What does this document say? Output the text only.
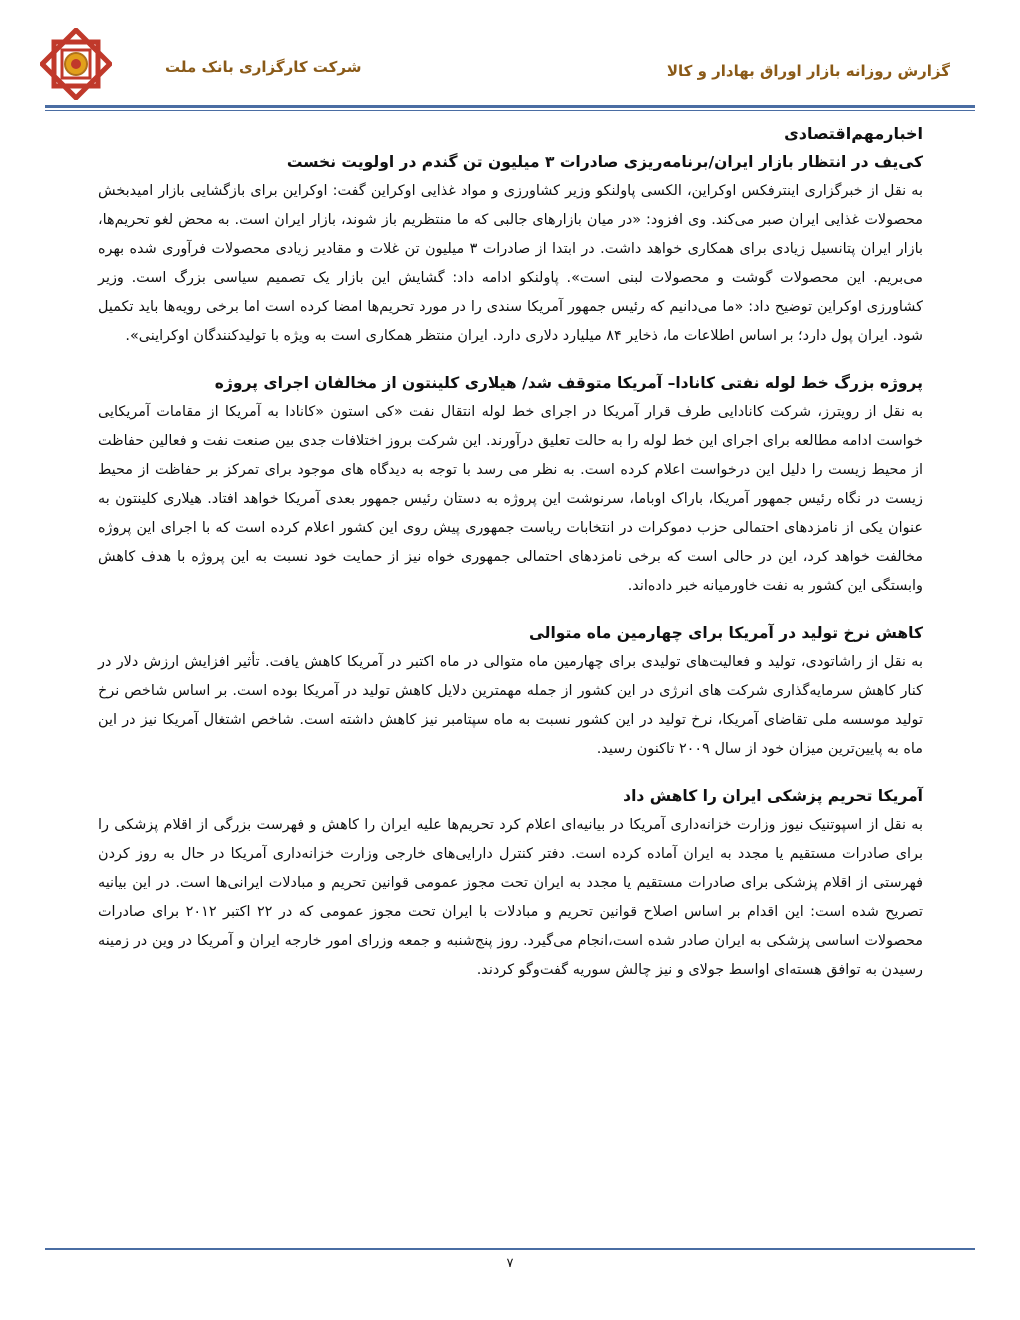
شرکت کارگزاری بانک ملت	گزارش روزانه بازار اوراق بهادار و کالا
اخبارمهم‌اقتصادی
کی‌یف در انتظار بازار ایران/برنامه‌ریزی صادرات ۳ میلیون تن گندم در اولویت نخست

به نقل از خبرگزاری اینترفکس اوکراین، الکسی پاولنکو وزیر کشاورزی و مواد غذایی اوکراین گفت: اوکراین برای بازگشایی بازار امیدبخش محصولات غذایی ایران صبر می‌کند. وی افزود: «در میان بازارهای جالبی که ما منتظریم باز شوند، بازار ایران است. به محض لغو تحریم‌ها، بازار ایران پتانسیل زیادی برای همکاری خواهد داشت. در ابتدا از صادرات ۳ میلیون تن غلات و مقادیر زیادی محصولات فرآوری شده بهره می‌بریم. این محصولات گوشت و محصولات لبنی است». پاولنکو ادامه داد: گشایش این بازار یک تصمیم سیاسی بزرگ است. وزیر کشاورزی اوکراین توضیح داد: «ما می‌دانیم که رئیس جمهور آمریکا سندی را در مورد تحریم‌ها امضا کرده است اما برخی رویه‌ها باید تکمیل شود. ایران پول دارد؛ بر اساس اطلاعات ما، ذخایر ۸۴ میلیارد دلاری دارد. ایران منتظر همکاری است به ویژه با تولیدکنندگان اوکراینی».

پروژه بزرگ خط لوله نفتی کانادا– آمریکا متوقف شد/ هیلاری کلینتون از مخالفان اجرای پروژه

به نقل از رویترز، شرکت کانادایی طرف قرار آمریکا در اجرای خط لوله انتقال نفت «کی استون «کانادا به آمریکا از مقامات آمریکایی خواست ادامه مطالعه برای اجرای این خط لوله را به حالت تعلیق درآورند. این شرکت بروز اختلافات جدی بین صنعت نفت و فعالین حفاظت از محیط زیست را دلیل این درخواست اعلام کرده است. به نظر می رسد با توجه به دیدگاه های موجود برای تمرکز بر حفاظت از محیط زیست در نگاه رئیس جمهور آمریکا، باراک اوباما، سرنوشت این پروژه به دستان رئیس جمهور بعدی آمریکا خواهد افتاد. هیلاری کلینتون به عنوان یکی از نامزدهای احتمالی حزب دموکرات در انتخابات ریاست جمهوری پیش روی این کشور اعلام کرده است که با اجرای این پروژه مخالفت خواهد کرد، این در حالی است که برخی نامزدهای احتمالی جمهوری خواه نیز از حمایت خود نسبت به این پروژه با هدف کاهش وابستگی این کشور به نفت خاورمیانه خبر داده‌اند.

کاهش نرخ تولید در آمریکا برای چهارمین ماه متوالی

به نقل از راشاتودی، تولید و فعالیت‌های تولیدی برای چهارمین ماه متوالی در ماه اکتبر در آمریکا کاهش یافت. تأثیر افزایش ارزش دلار در کنار کاهش سرمایه‌گذاری شرکت های انرژی در این کشور از جمله مهمترین دلایل کاهش تولید در آمریکا بوده است. بر اساس شاخص نرخ تولید موسسه ملی تقاضای آمریکا، نرخ تولید در این کشور نسبت به ماه سپتامبر نیز کاهش داشته است. شاخص اشتغال آمریکا نیز در این ماه به پایین‌ترین میزان خود از سال ۲۰۰۹ تاکنون رسید.

آمریکا تحریم پزشکی ایران را کاهش داد

به نقل از اسپوتنیک نیوز وزارت خزانه‌داری آمریکا در بیانیه‌ای اعلام کرد تحریم‌ها علیه ایران را کاهش و فهرست بزرگی از اقلام پزشکی را برای صادرات مستقیم یا مجدد به ایران آماده کرده است. دفتر کنترل دارایی‌های خارجی وزارت خزانه‌داری آمریکا در حال به روز کردن فهرستی از اقلام پزشکی برای صادرات مستقیم یا مجدد به ایران تحت مجوز عمومی قوانین تحریم و مبادلات ایرانی‌ها است. در این بیانیه تصریح شده است: این اقدام بر اساس اصلاح قوانین تحریم و مبادلات با ایران تحت مجوز عمومی که در ۲۲ اکتبر ۲۰۱۲ برای صادرات محصولات اساسی پزشکی به ایران صادر شده است،انجام می‌گیرد. روز پنج‌شنبه و جمعه وزرای امور خارجه ایران و آمریکا در وین در زمینه رسیدن به توافق هسته‌ای اواسط جولای و نیز چالش سوریه گفت‌وگو کردند.

۷
